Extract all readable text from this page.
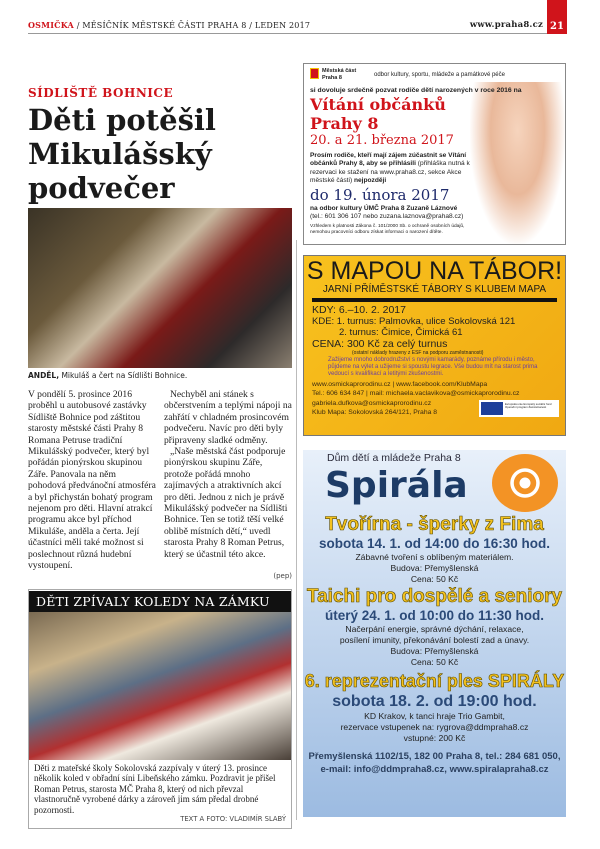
OSMIČKA / MĚSÍČNÍK MĚSTSKÉ ČÁSTI PRAHA 8 / LEDEN 2017	www.praha8.cz 21
SÍDLIŠTĚ BOHNICE
Děti potěšil Mikulášský podvečer
ANDĚL, Mikuláš a čert na Sídlišti Bohnice.

V pondělí 5. prosince 2016 proběhl u autobusové zastávky Sídliště Bohnice pod záštitou starosty městské části Prahy 8 Romana Petruse tradiční Mikulášský podvečer, který byl pořádán pionýrskou skupinou Záře. Panovala na něm pohodová předvánoční atmosféra a byl přichystán bohatý program nejenom pro děti. Hlavní atrakcí programu akce byl příchod Mikuláše, anděla a čerta. Její účastníci měli také možnost si poslechnout různá hudební vystoupení.

Nechyběl ani stánek s občerstvením a teplými nápoji na zahřátí v chladném prosincovém podvečeru. Navíc pro děti byly připraveny sladké odměny.

„Naše městská část podporuje pionýrskou skupinu Záře, protože pořádá mnoho zajímavých a atraktivních akcí pro děti. Jednou z nich je právě Mikulášský podvečer na Sídlišti Bohnice. Ten se totiž těší velké oblibě místních dětí,“ uvedl starosta Prahy 8 Roman Petrus, který se účastnil této akce.

(pep)
DĚTI ZPÍVALY KOLEDY NA ZÁMKU
Děti z mateřské školy Sokolovská zazpívaly v úterý 13. prosince několik koled v obřadní síni Libeňského zámku. Pozdravit je přišel Roman Petrus, starosta MČ Praha 8, který od nich převzal vlastnoručně vyrobené dárky a zároveň jim sám předal drobné pozornosti.
TEXT A FOTO: VLADIMÍR SLABÝ
Městská část Praha 8	odbor kultury, sportu, mládeže a památkové péče
si dovoluje srdečně pozvat rodiče dětí narozených v roce 2016 na
Vítání občánků Prahy 8
20. a 21. března 2017
Prosím rodiče, kteří mají zájem zúčastnit se Vítání občánků Prahy 8, aby se přihlásili (přihláška nutná k rezervaci ke stažení na www.praha8.cz, sekce Akce městské části) nejpozději
do 19. února 2017
na odbor kultury ÚMČ Praha 8 Zuzaně Láznové
(tel.: 601 306 107 nebo zuzana.laznova@praha8.cz)
Vzhledem k platnosti Zákona č. 101/2000 Sb. o ochraně osobních údajů, nemohou pracovníci odboru získat informaci o narození dítěte.
S MAPOU NA TÁBOR!
JARNÍ PŘÍMĚSTSKÉ TÁBORY S KLUBEM MAPA
KDY: 6.–10. 2. 2017
KDE: 1. turnus: Palmovka, ulice Sokolovská 121
2. turnus: Čimice, Čimická 61
CENA: 300 Kč za celý turnus
(ostatní náklady hrazeny z ESF na podporu zaměstnanosti)
Zažijeme mnoho dobrodružství s novými kamarády, poznáme přírodu i město, půjdeme na výlet a užijeme si spoustu legrace. Vše budou mít na starost prima vedoucí s kvalifikací a letitými zkušenostmi.
www.osmickaprorodinu.cz | www.facebook.com/KlubMapa
Tel.: 606 634 847 | mail: michaela.vaclavikova@osmickaprorodinu.cz
gabriela.dufkova@osmickaprorodinu.cz
Klub Mapa: Sokolovská 264/121, Praha 8
Evropská unie Evropský sociální fond Operační program Zaměstnanost
Dům dětí a mládeže Praha 8
Spirála
Tvořírna - šperky z Fima
sobota 14. 1. od 14:00 do 16:30 hod.
Zábavné tvoření s oblíbeným materiálem.
Budova: Přemyšlenská
Cena: 50 Kč
Taichi pro dospělé a seniory
úterý 24. 1. od 10:00 do 11:30 hod.
Načerpání energie, správné dýchání, relaxace,
posílení imunity, překonávání bolestí zad a únavy.
Budova: Přemyšlenská
Cena: 50 Kč
6. reprezentační ples SPIRÁLY
sobota 18. 2. od 19:00 hod.
KD Krakov, k tanci hraje Trio Gambit,
rezervace vstupenek na: rygrova@ddmpraha8.cz
vstupné: 200 Kč
Přemyšlenská 1102/15, 182 00 Praha 8, tel.: 284 681 050,
e-mail: info@ddmpraha8.cz, www.spiralapraha8.cz
